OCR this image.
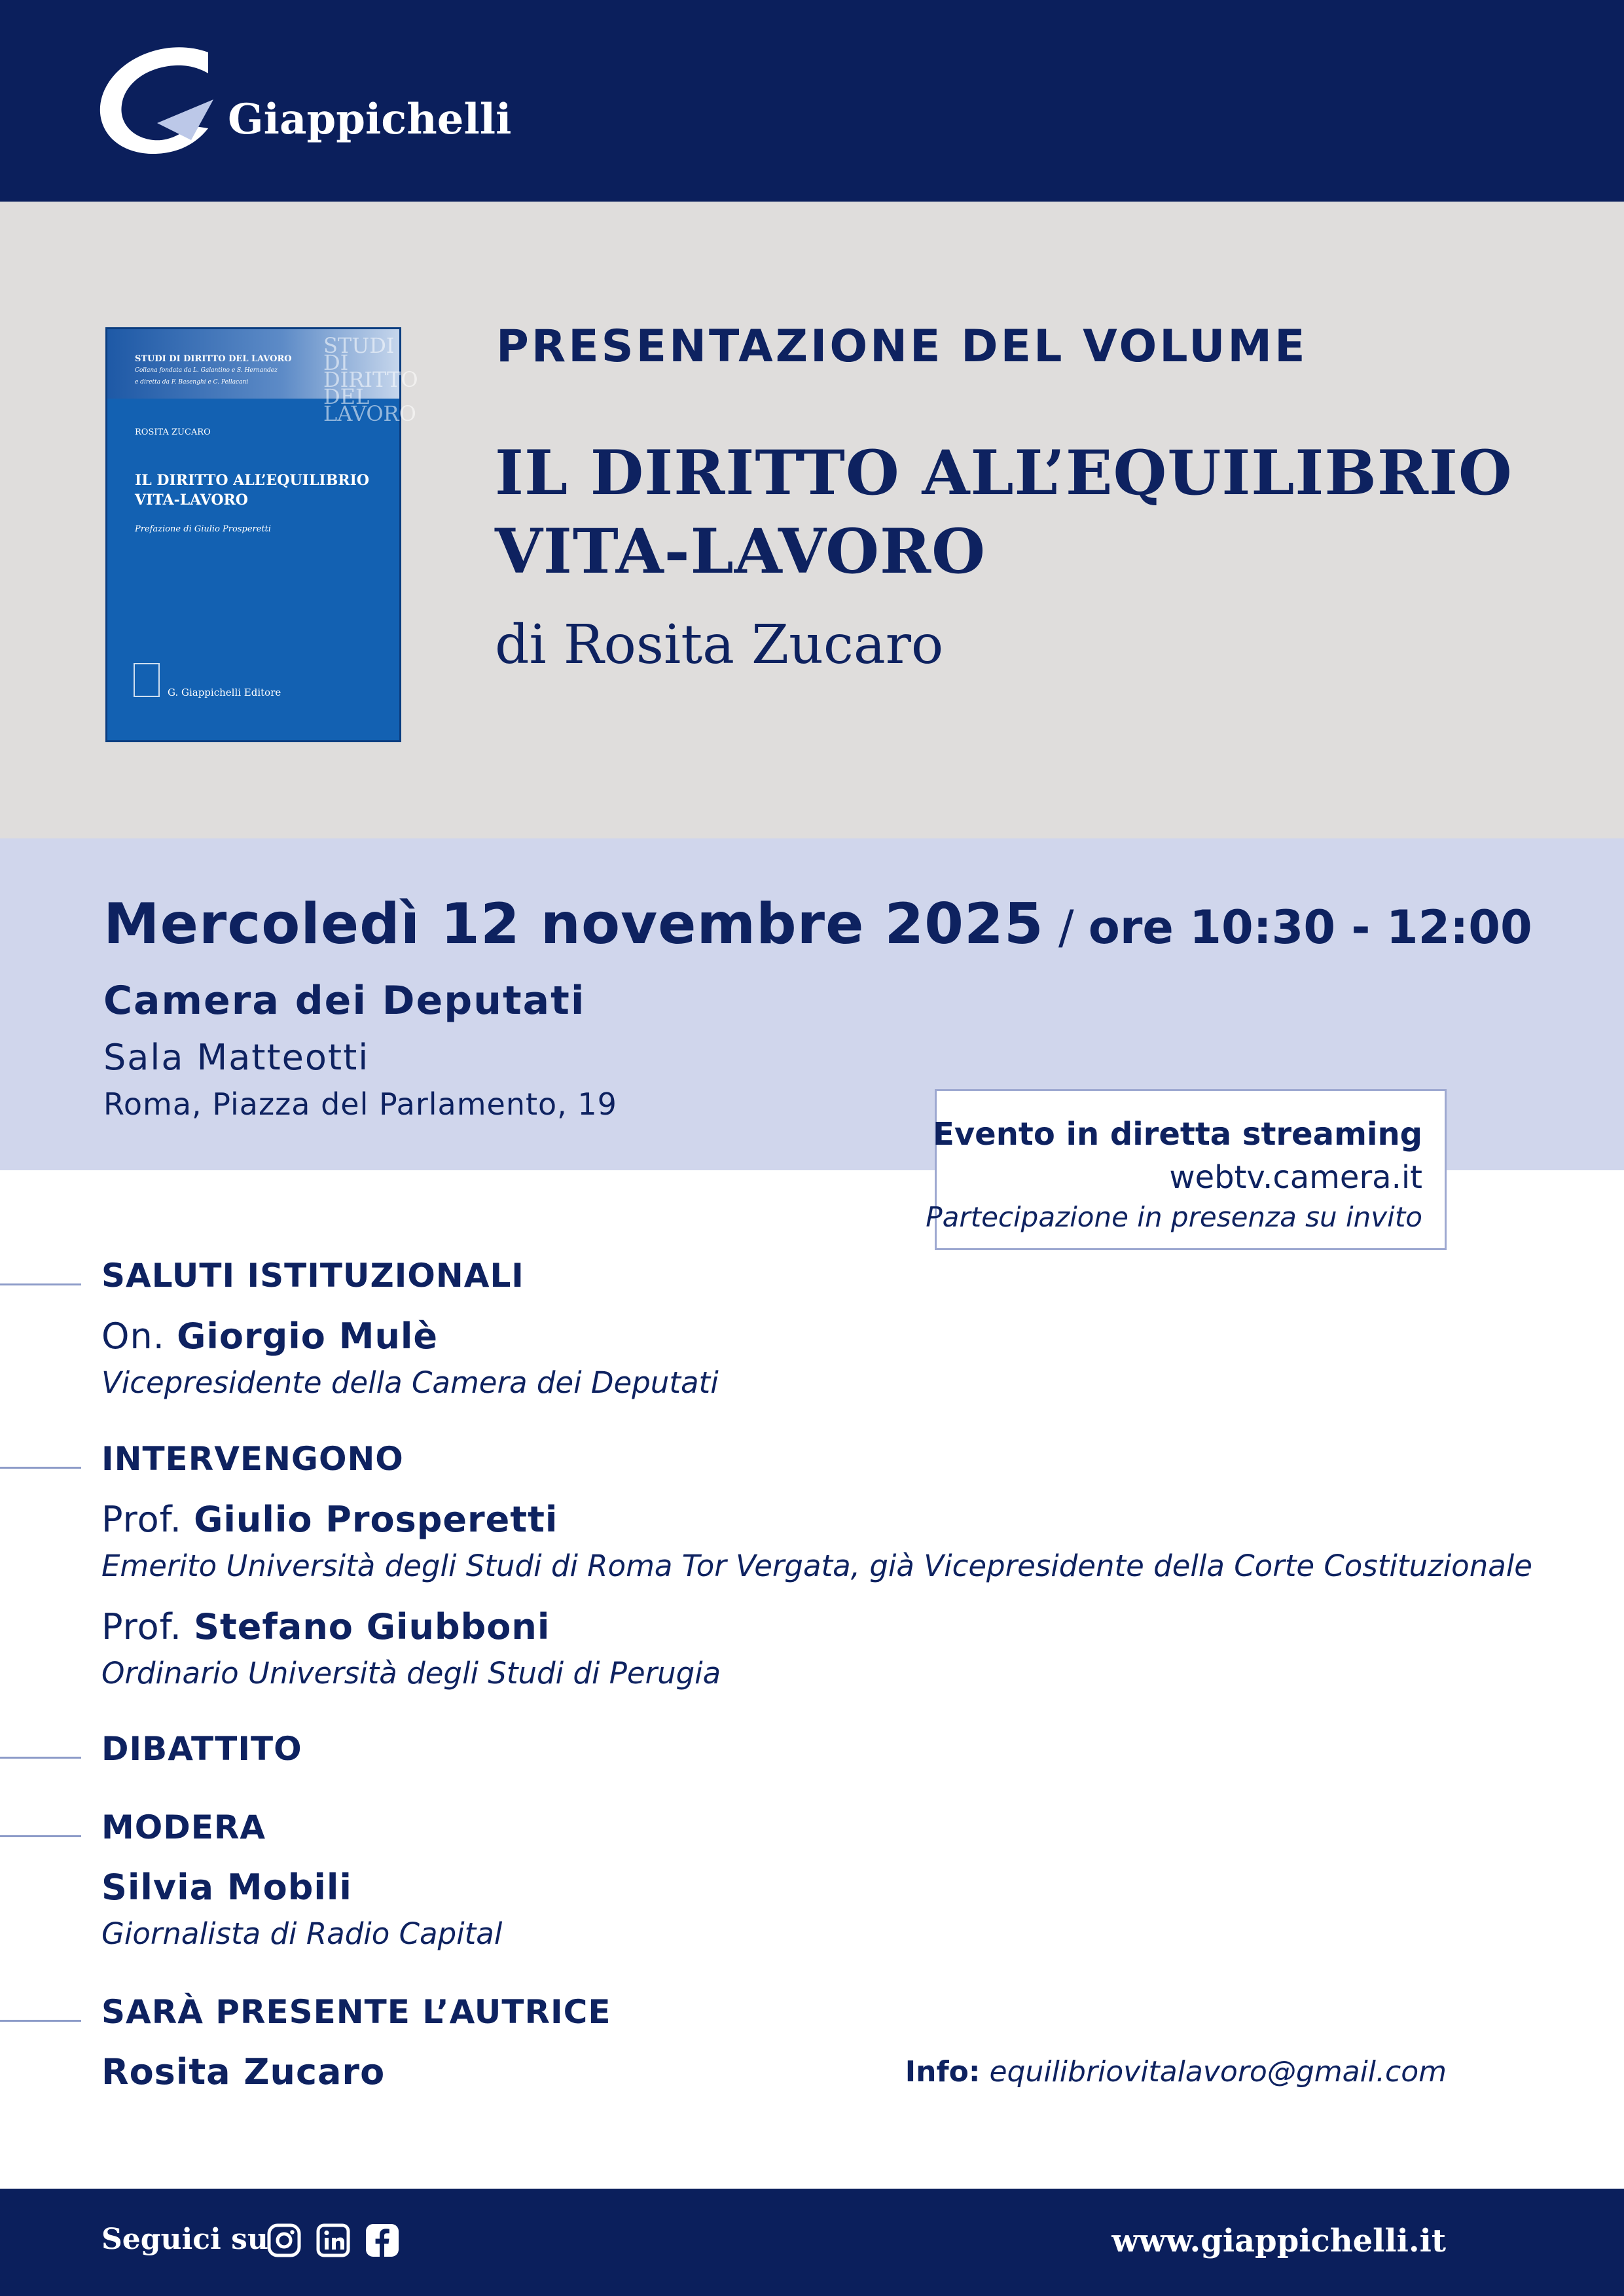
Giappichelli
STUDI DI DIRITTO DEL LAVORO
STUDI DI DIRITTO DEL LAVORO
Collana fondata da L. Galantino e S. Hernandez
e diretta da F. Basenghi e C. Pellacani
ROSITA ZUCARO
IL DIRITTO ALL’EQUILIBRIO VITA-LAVORO
Prefazione di Giulio Prosperetti
G. Giappichelli Editore
PRESENTAZIONE DEL VOLUME
IL DIRITTO ALL’EQUILIBRIO
VITA-LAVORO
di Rosita Zucaro
Mercoledì 12 novembre 2025 / ore 10:30 - 12:00
Camera dei Deputati
Sala Matteotti
Roma, Piazza del Parlamento, 19
Evento in diretta streaming
webtv.camera.it
Partecipazione in presenza su invito
SALUTI ISTITUZIONALI
On. Giorgio Mulè
Vicepresidente della Camera dei Deputati
INTERVENGONO
Prof. Giulio Prosperetti
Emerito Università degli Studi di Roma Tor Vergata, già Vicepresidente della Corte Costituzionale
Prof. Stefano Giubboni
Ordinario Università degli Studi di Perugia
DIBATTITO
MODERA
Silvia Mobili
Giornalista di Radio Capital
SARÀ PRESENTE L’AUTRICE
Rosita Zucaro	Info: equilibriovitalavoro@gmail.com
Seguici su	www.giappichelli.it
